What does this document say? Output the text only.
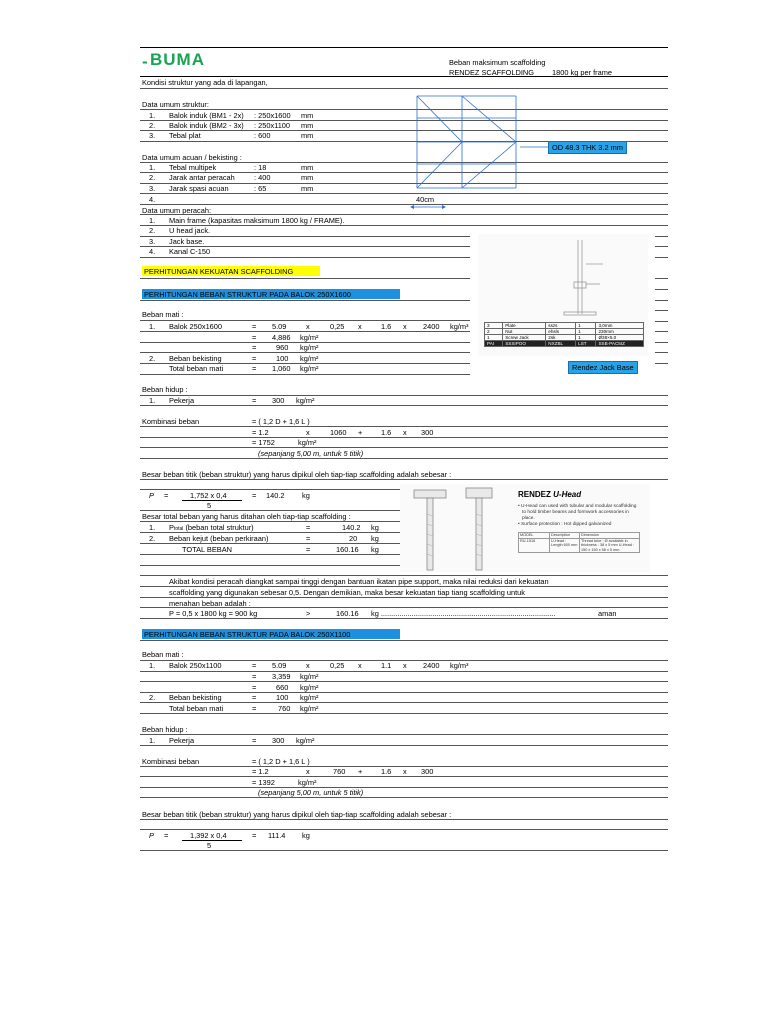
- BUMA	Beban maksimum scaffolding
RENDEZ SCAFFOLDING 1800 kg per frame
Kondisi struktur yang ada di lapangan,
Data umum struktur:
1. Balok induk (BM1 - 2x) : 250x1600 mm
2. Balok induk (BM2 - 3x) : 250x1100 mm
3. Tebal plat	: 600	mm
Data umum acuan / bekisting :
1. Tebal multipek	: 18	mm
2. Jarak antar peracah	: 400	mm
3. Jarak spasi acuan	: 65	mm
4.
Data umum peracah:
1. Main frame (kapasitas maksimum 1800 kg / FRAME).
2. U head jack.
3. Jack base.
4. Kanal C-150
OD 48.3 THK 3.2 mm
40cm
3	Plate	sszs	1	3,0mm
2	Nut	ehsls	1	230mm
1	Screw Jack	2sk	1	Ø38×5.0
PAI	SSSIPOO	NXZBL	LST	SSB·PAC5IZ
Rendez Jack Base
PERHITUNGAN KEKUATAN SCAFFOLDING
PERHITUNGAN BEBAN STRUKTUR PADA BALOK 250X1600
Beban mati :
1. Balok 250x1600	= 5.09	x	0,25 x	1.6 x 2400 kg/m³
= 4,886 kg/m²
=	960 kg/m²
2. Beban bekisting	=	100 kg/m²
Total beban mati	= 1,060 kg/m²
Beban hidup :
1. Pekerja	= 300 kg/m²
Kombinasi beban	= ( 1,2 D + 1,6 L )
= 1.2	x	1060 +	1.6 x 300
= 1752	kg/m²
(sepanjang 5,00 m, untuk 5 titik)
Besar beban titik (beban struktur) yang harus dipikul oleh tiap-tiap scaffolding adalah sebesar :
P =	1,752 x 0,4	= 140.2 kg
5
Besar total beban yang harus ditahan oleh tiap-tiap scaffolding :
1. Ptotal (beban total struktur)	=	140.2 kg
2. Beban kejut (beban perkiraan)	=	20 kg
TOTAL BEBAN	=	160.16 kg
RENDEZ U-Head
• U-Head can used with tubular and modular scaffolding
to hold timber beams and formwork accessories in
place.
• Surface protection : Hot dipped galvanized
MODEL	Description	Dimension
RU-1516	U-Head : Length 600 mm	Thread tube : Ø available in thickness : 38 x 5 mm U-Head : 150 x 150 x 58 x 5 mm
Akibat kondisi peracah diangkat sampai tinggi dengan bantuan ikatan pipe support, maka nilai reduksi dari kekuatan
scaffolding yang digunakan sebesar 0,5. Dengan demikian, maka besar kekuatan tiap tiang scaffolding untuk
menahan beban adalah :
P = 0,5 x 1800 kg = 900 kg	>	160.16 kg .....................................................................................	aman
PERHITUNGAN BEBAN STRUKTUR PADA BALOK 250X1100
Beban mati :
1. Balok 250x1100	= 5.09	x	0,25 x	1.1 x 2400 kg/m³
= 3,359 kg/m²
=	660 kg/m²
2. Beban bekisting	=	100 kg/m²
Total beban mati	=	760 kg/m²
Beban hidup :
1. Pekerja	= 300 kg/m²
Kombinasi beban	= ( 1,2 D + 1,6 L )
= 1.2	x	760 +	1.6 x 300
= 1392	kg/m²
(sepanjang 5,00 m, untuk 5 titik)
Besar beban titik (beban struktur) yang harus dipikul oleh tiap-tiap scaffolding adalah sebesar :
P =	1,392 x 0,4	= 111.4 kg
5
